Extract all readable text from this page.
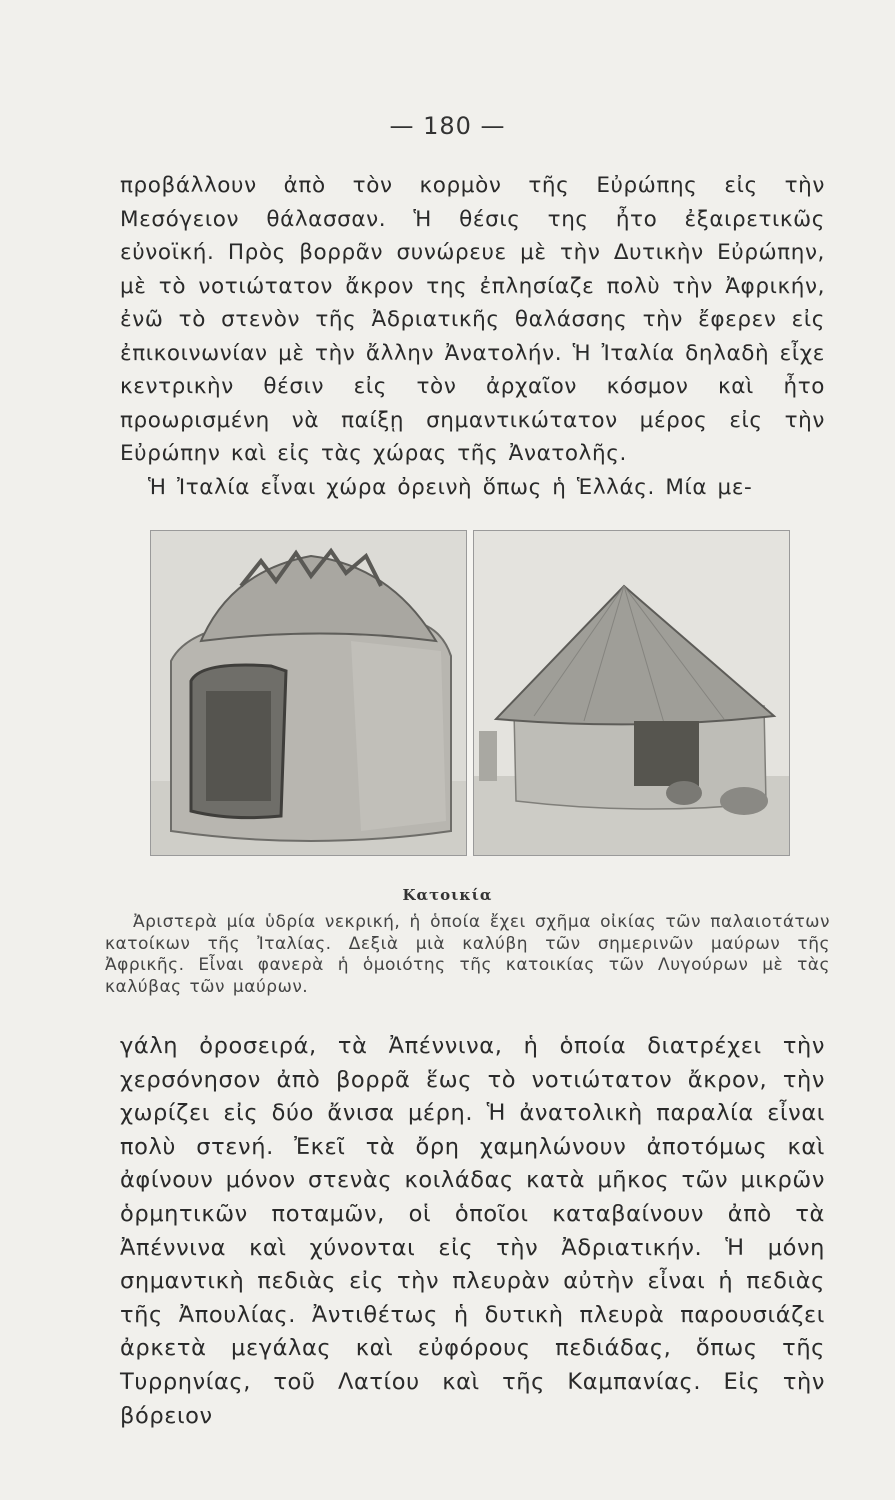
— 180 —

προβάλλουν ἀπὸ τὸν κορμὸν τῆς Εὐρώπης εἰς τὴν Μεσόγειον θάλασσαν. Ἡ θέσις της ἦτο ἐξαιρετικῶς εὐνοϊκή. Πρὸς βορρᾶν συνώρευε μὲ τὴν Δυτικὴν Εὐρώπην, μὲ τὸ νοτιώτατον ἄκρον της ἐπλησίαζε πολὺ τὴν Ἀφρικήν, ἐνῶ τὸ στενὸν τῆς Ἀδριατικῆς θαλάσσης τὴν ἔφερεν εἰς ἐπικοινωνίαν μὲ τὴν ἄλλην Ἀνατολήν. Ἡ Ἰταλία δηλαδὴ εἶχε κεντρικὴν θέσιν εἰς τὸν ἀρχαῖον κόσμον καὶ ἦτο προωρισμένη νὰ παίξῃ σημαντικώτατον μέρος εἰς τὴν Εὐρώπην καὶ εἰς τὰς χώρας τῆς Ἀνατολῆς.

Ἡ Ἰταλία εἶναι χώρα ὀρεινὴ ὅπως ἡ Ἑλλάς. Μία με-

Κατοικία

Ἀριστερὰ μία ὑδρία νεκρική, ἡ ὁποία ἔχει σχῆμα οἰκίας τῶν παλαιοτάτων κατοίκων τῆς Ἰταλίας. Δεξιὰ μιὰ καλύβη τῶν σημερινῶν μαύρων τῆς Ἀφρικῆς. Εἶναι φανερὰ ἡ ὁμοιότης τῆς κατοικίας τῶν Λυγούρων μὲ τὰς καλύβας τῶν μαύρων.

γάλη ὀροσειρά, τὰ Ἀπέννινα, ἡ ὁποία διατρέχει τὴν χερσόνησον ἀπὸ βορρᾶ ἕως τὸ νοτιώτατον ἄκρον, τὴν χωρίζει εἰς δύο ἄνισα μέρη. Ἡ ἀνατολικὴ παραλία εἶναι πολὺ στενή. Ἐκεῖ τὰ ὄρη χαμηλώνουν ἀποτόμως καὶ ἀφίνουν μόνον στενὰς κοιλάδας κατὰ μῆκος τῶν μικρῶν ὁρμητικῶν ποταμῶν, οἱ ὁποῖοι καταβαίνουν ἀπὸ τὰ Ἀπέννινα καὶ χύνονται εἰς τὴν Ἀδριατικήν. Ἡ μόνη σημαντικὴ πεδιὰς εἰς τὴν πλευρὰν αὐτὴν εἶναι ἡ πεδιὰς τῆς Ἀπουλίας. Ἀντιθέτως ἡ δυτικὴ πλευρὰ παρουσιάζει ἀρκετὰ μεγάλας καὶ εὐφόρους πεδιάδας, ὅπως τῆς Τυρρηνίας, τοῦ Λατίου καὶ τῆς Καμπανίας. Εἰς τὴν βόρειον
